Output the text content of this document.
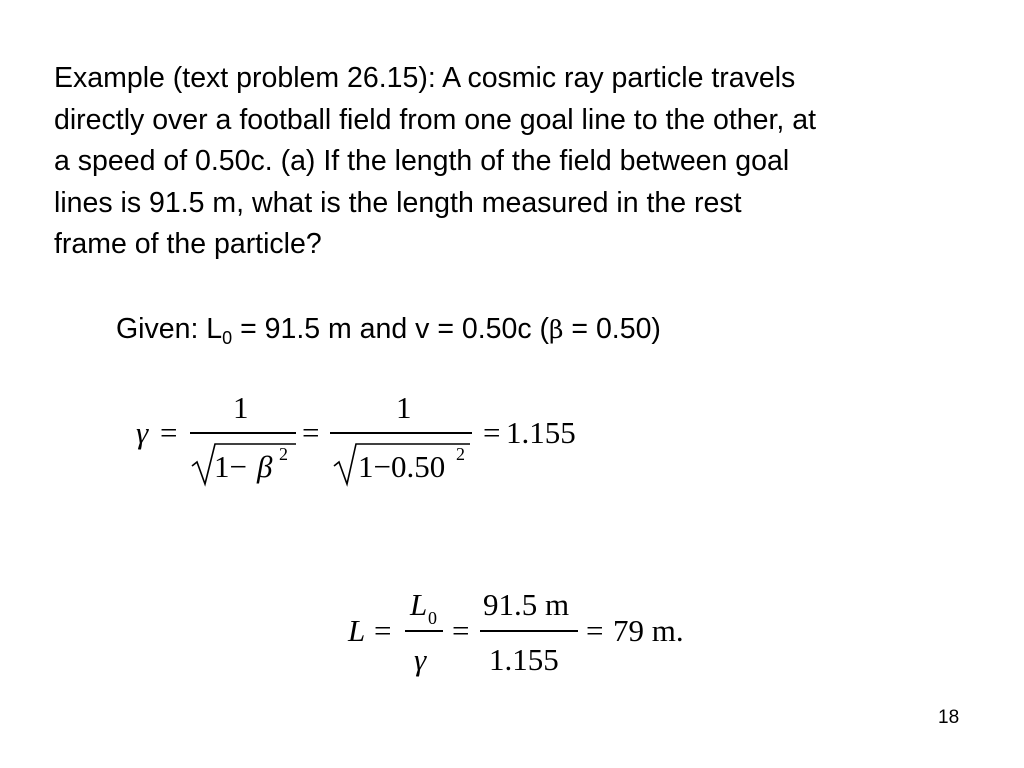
Example (text problem 26.15): A cosmic ray particle travels
directly over a football field from one goal line to the other, at
a speed of 0.50c. (a) If the length of the field between goal
lines is 91.5 m, what is the length measured in the rest
frame of the particle?
Given: $L_0 = 91.5$ m and v = 0.50c (β = 0.50)
γ =
1
1− β 2
=
1
1−0.50 2
= 1.155
L =
L 0
γ
=
91.5 m
1.155
= 79 m.
18
